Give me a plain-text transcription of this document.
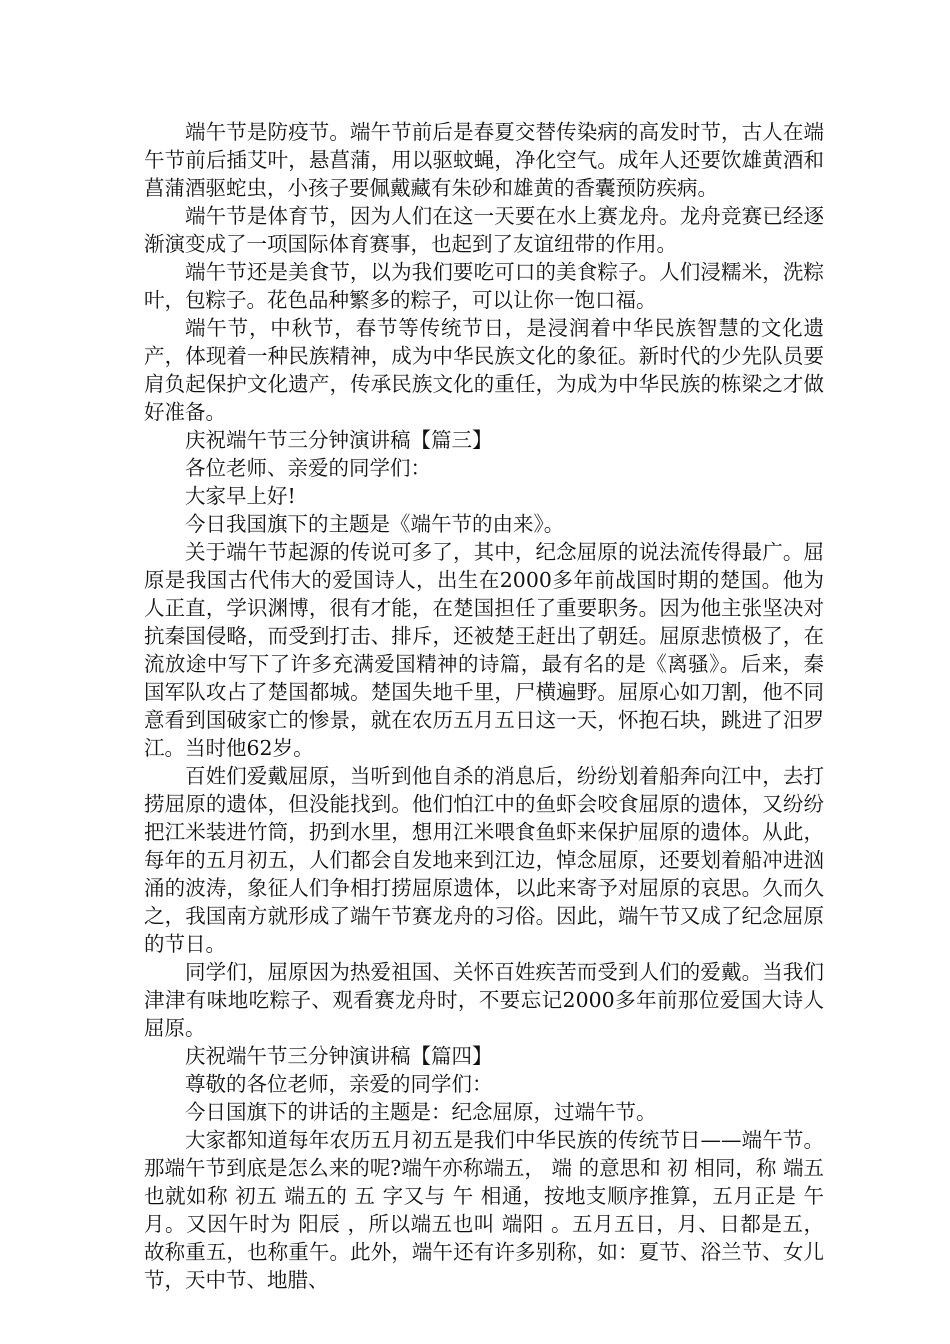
端午节是防疫节。端午节前后是春夏交替传染病的高发时节，古人在端午节前后插艾叶，悬菖蒲，用以驱蚊蝇，净化空气。成年人还要饮雄黄酒和菖蒲酒驱蛇虫，小孩子要佩戴藏有朱砂和雄黄的香囊预防疾病。

端午节是体育节，因为人们在这一天要在水上赛龙舟。龙舟竞赛已经逐渐演变成了一项国际体育赛事，也起到了友谊纽带的作用。

端午节还是美食节，以为我们要吃可口的美食粽子。人们浸糯米，洗粽叶，包粽子。花色品种繁多的粽子，可以让你一饱口福。

端午节，中秋节，春节等传统节日，是浸润着中华民族智慧的文化遗产，体现着一种民族精神，成为中华民族文化的象征。新时代的少先队员要肩负起保护文化遗产，传承民族文化的重任，为成为中华民族的栋梁之才做好准备。

庆祝端午节三分钟演讲稿【篇三】

各位老师、亲爱的同学们：

大家早上好!

今日我国旗下的主题是《端午节的由来》。

关于端午节起源的传说可多了，其中，纪念屈原的说法流传得最广。屈原是我国古代伟大的爱国诗人，出生在2000多年前战国时期的楚国。他为人正直，学识渊博，很有才能，在楚国担任了重要职务。因为他主张坚决对抗秦国侵略，而受到打击、排斥，还被楚王赶出了朝廷。屈原悲愤极了，在流放途中写下了许多充满爱国精神的诗篇，最有名的是《离骚》。后来，秦国军队攻占了楚国都城。楚国失地千里，尸横遍野。屈原心如刀割，他不同意看到国破家亡的惨景，就在农历五月五日这一天，怀抱石块，跳进了汨罗江。当时他62岁。

百姓们爱戴屈原，当听到他自杀的消息后，纷纷划着船奔向江中，去打捞屈原的遗体，但没能找到。他们怕江中的鱼虾会咬食屈原的遗体，又纷纷把江米装进竹筒，扔到水里，想用江米喂食鱼虾来保护屈原的遗体。从此，每年的五月初五，人们都会自发地来到江边，悼念屈原，还要划着船冲进汹涌的波涛，象征人们争相打捞屈原遗体，以此来寄予对屈原的哀思。久而久之，我国南方就形成了端午节赛龙舟的习俗。因此，端午节又成了纪念屈原的节日。

同学们，屈原因为热爱祖国、关怀百姓疾苦而受到人们的爱戴。当我们津津有味地吃粽子、观看赛龙舟时，不要忘记2000多年前那位爱国大诗人屈原。

庆祝端午节三分钟演讲稿【篇四】

尊敬的各位老师，亲爱的同学们：

今日国旗下的讲话的主题是：纪念屈原，过端午节。

大家都知道每年农历五月初五是我们中华民族的传统节日——端午节。那端午节到底是怎么来的呢?端午亦称端五， 端 的意思和 初 相同，称 端五 也就如称 初五 端五的 五 字又与 午 相通，按地支顺序推算，五月正是 午 月。又因午时为 阳辰 ，所以端五也叫 端阳 。五月五日，月、日都是五，故称重五，也称重午。此外，端午还有许多别称，如：夏节、浴兰节、女儿节，天中节、地腊、
